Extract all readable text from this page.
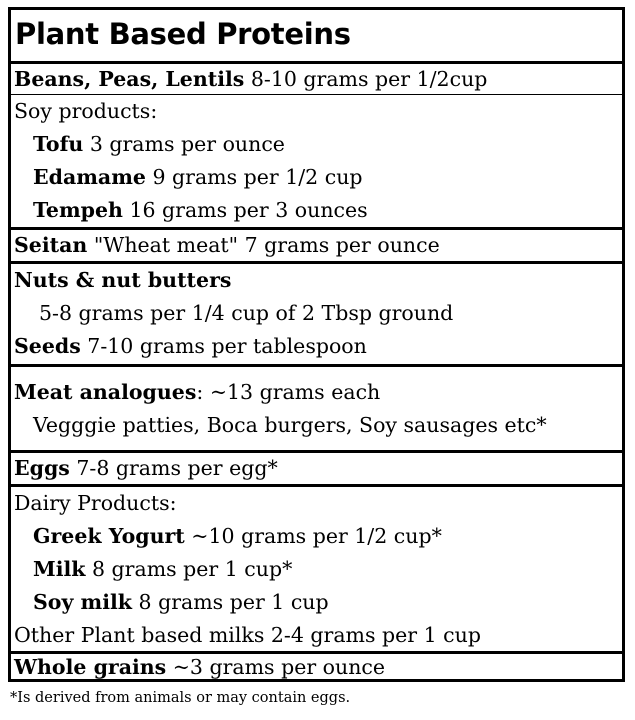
Plant Based Proteins
Beans, Peas, Lentils 8-10 grams per 1/2cup
Soy products:
Tofu 3 grams per ounce
Edamame 9 grams per 1/2 cup
Tempeh 16 grams per 3 ounces
Seitan "Wheat meat" 7 grams per ounce
Nuts & nut butters
5-8 grams per 1/4 cup of 2 Tbsp ground
Seeds 7-10 grams per tablespoon
Meat analogues: ~13 grams each
Vegggie patties, Boca burgers, Soy sausages etc*
Eggs 7-8 grams per egg*
Dairy Products:
Greek Yogurt ~10 grams per 1/2 cup*
Milk 8 grams per 1 cup*
Soy milk 8 grams per 1 cup
Other Plant based milks 2-4 grams per 1 cup
Whole grains ~3 grams per ounce
*Is derived from animals or may contain eggs.
